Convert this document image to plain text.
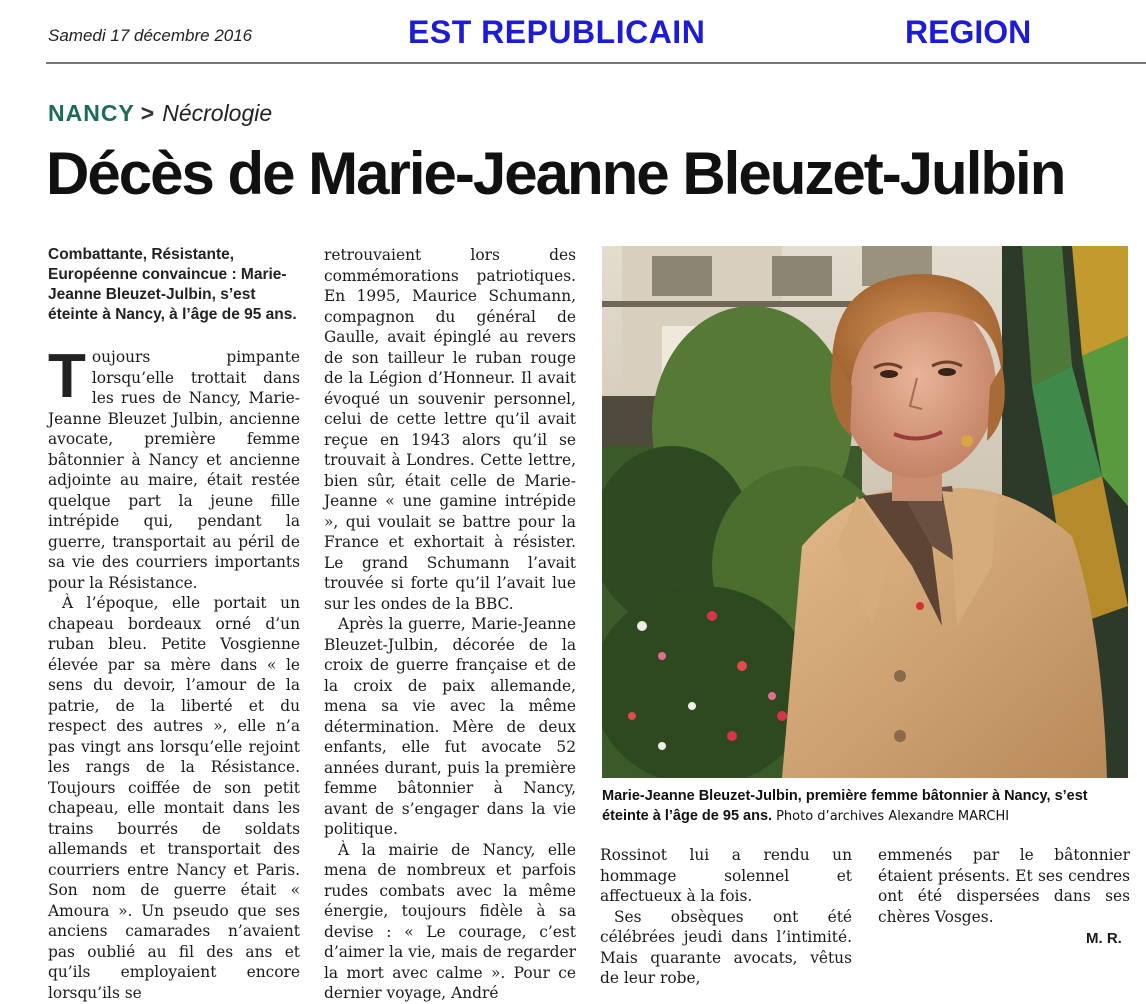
Samedi 17 décembre 2016	EST REPUBLICAIN	REGION
NANCY > Nécrologie
Décès de Marie-Jeanne Bleuzet-Julbin
Combattante, Résistante, Européenne convaincue : Marie-Jeanne Bleuzet-Julbin, s’est éteinte à Nancy, à l’âge de 95 ans.

Toujours pimpante lorsqu’elle trottait dans les rues de Nancy, Marie-Jeanne Bleuzet Julbin, ancienne avocate, première femme bâtonnier à Nancy et ancienne adjointe au maire, était restée quelque part la jeune fille intrépide qui, pendant la guerre, transportait au péril de sa vie des courriers importants pour la Résistance.

À l’époque, elle portait un chapeau bordeaux orné d’un ruban bleu. Petite Vosgienne élevée par sa mère dans « le sens du devoir, l’amour de la patrie, de la liberté et du respect des autres », elle n’a pas vingt ans lorsqu’elle rejoint les rangs de la Résistance. Toujours coiffée de son petit chapeau, elle montait dans les trains bourrés de soldats allemands et transportait des courriers entre Nancy et Paris. Son nom de guerre était « Amoura ». Un pseudo que ses anciens camarades n’avaient pas oublié au fil des ans et qu’ils employaient encore lorsqu’ils se

retrouvaient lors des commémorations patriotiques. En 1995, Maurice Schumann, compagnon du général de Gaulle, avait épinglé au revers de son tailleur le ruban rouge de la Légion d’Honneur. Il avait évoqué un souvenir personnel, celui de cette lettre qu’il avait reçue en 1943 alors qu’il se trouvait à Londres. Cette lettre, bien sûr, était celle de Marie-Jeanne « une gamine intrépide », qui voulait se battre pour la France et exhortait à résister. Le grand Schumann l’avait trouvée si forte qu’il l’avait lue sur les ondes de la BBC.

Après la guerre, Marie-Jeanne Bleuzet-Julbin, décorée de la croix de guerre française et de la croix de paix allemande, mena sa vie avec la même détermination. Mère de deux enfants, elle fut avocate 52 années durant, puis la première femme bâtonnier à Nancy, avant de s’engager dans la vie politique.

À la mairie de Nancy, elle mena de nombreux et parfois rudes combats avec la même énergie, toujours fidèle à sa devise : « Le courage, c’est d’aimer la vie, mais de regarder la mort avec calme ». Pour ce dernier voyage, André

Rossinot lui a rendu un hommage solennel et affectueux à la fois.

Ses obsèques ont été célébrées jeudi dans l’intimité. Mais quarante avocats, vêtus de leur robe,

emmenés par le bâtonnier étaient présents. Et ses cendres ont été dispersées dans ses chères Vosges.

M. R.
Marie-Jeanne Bleuzet-Julbin, première femme bâtonnier à Nancy, s’est éteinte à l’âge de 95 ans. Photo d’archives Alexandre MARCHI
